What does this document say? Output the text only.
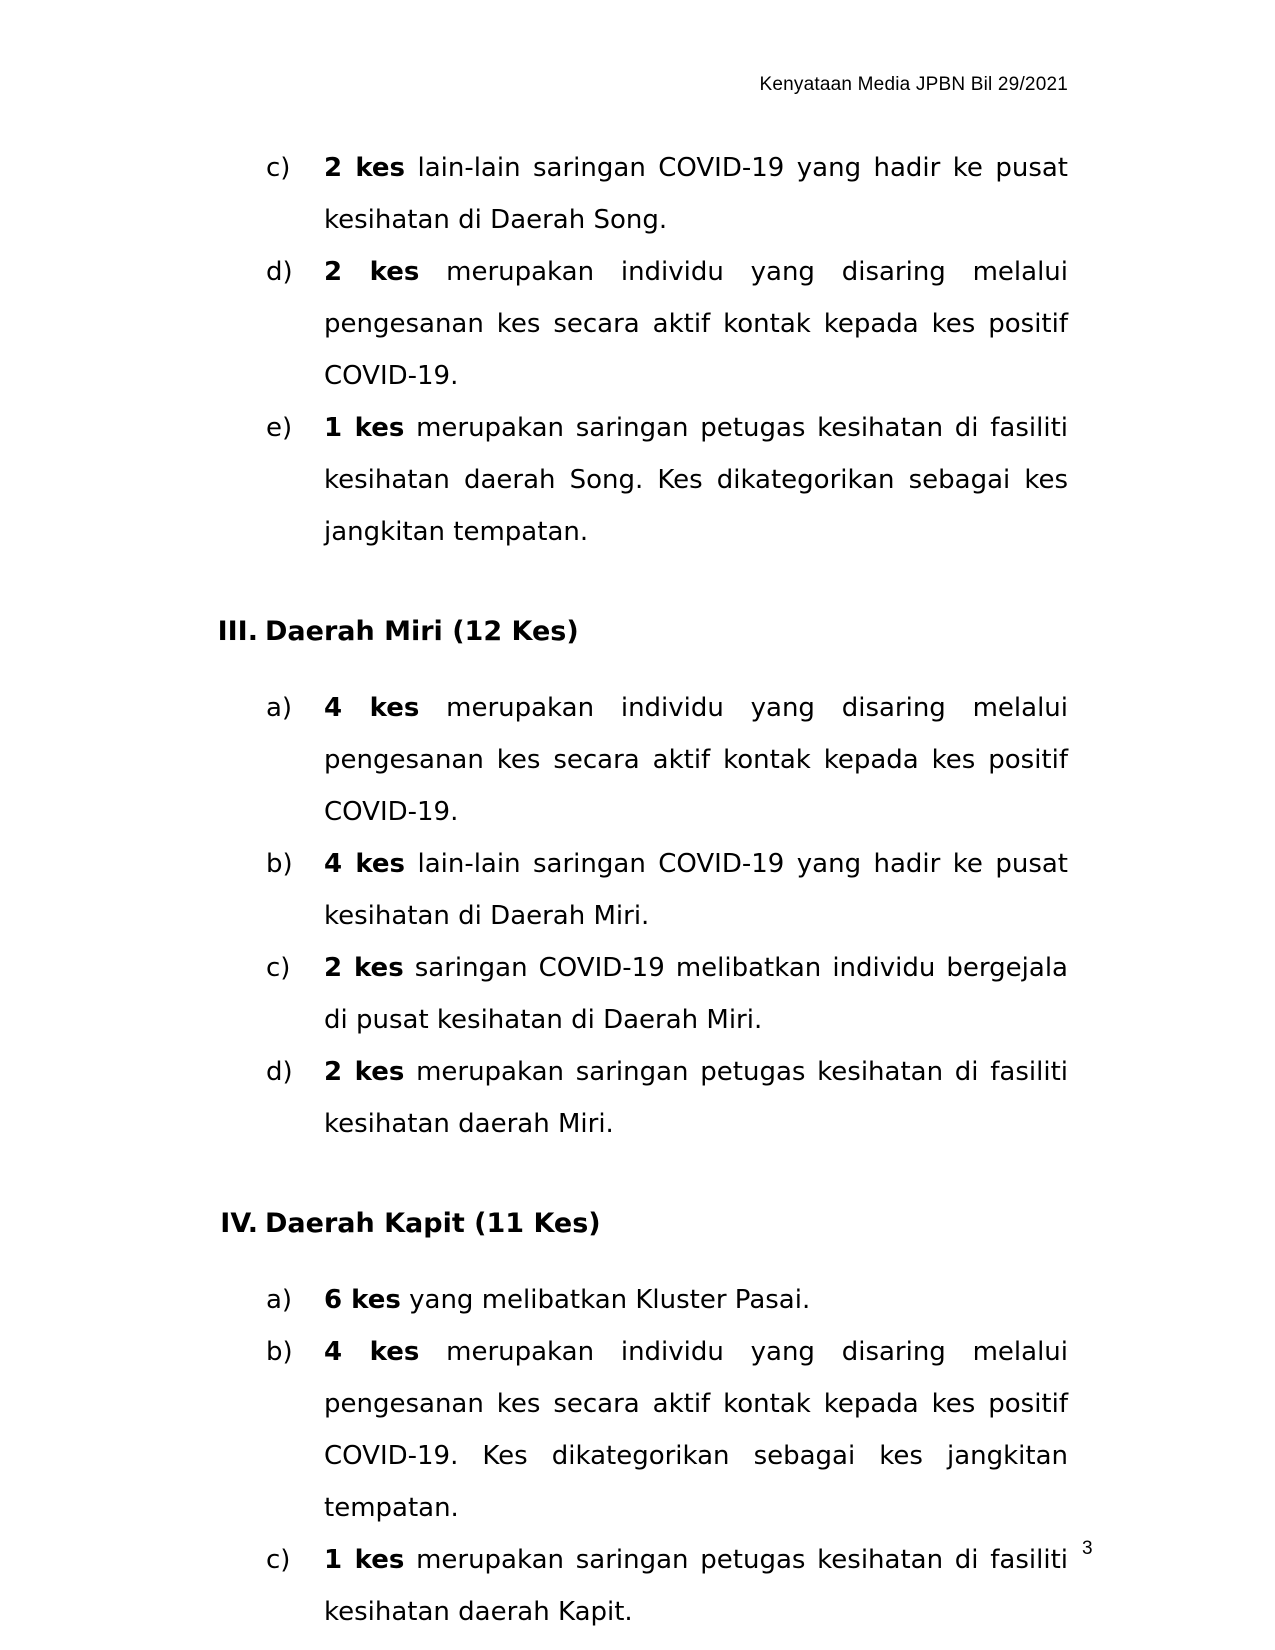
Kenyataan Media JPBN Bil 29/2021
c)	2 kes lain-lain saringan COVID-19 yang hadir ke pusat kesihatan di Daerah Song.
d)	2 kes merupakan individu yang disaring melalui pengesanan kes secara aktif kontak kepada kes positif COVID-19.
e)	1 kes merupakan saringan petugas kesihatan di fasiliti kesihatan daerah Song. Kes dikategorikan sebagai kes jangkitan tempatan.
III. Daerah Miri (12 Kes)
a)	4 kes merupakan individu yang disaring melalui pengesanan kes secara aktif kontak kepada kes positif COVID-19.
b)	4 kes lain-lain saringan COVID-19 yang hadir ke pusat kesihatan di Daerah Miri.
c)	2 kes saringan COVID-19 melibatkan individu bergejala di pusat kesihatan di Daerah Miri.
d)	2 kes merupakan saringan petugas kesihatan di fasiliti kesihatan daerah Miri.
IV. Daerah Kapit (11 Kes)
a)	6 kes yang melibatkan Kluster Pasai.
b)	4 kes merupakan individu yang disaring melalui pengesanan kes secara aktif kontak kepada kes positif COVID-19. Kes dikategorikan sebagai kes jangkitan tempatan.
c)	1 kes merupakan saringan petugas kesihatan di fasiliti kesihatan daerah Kapit.
3
